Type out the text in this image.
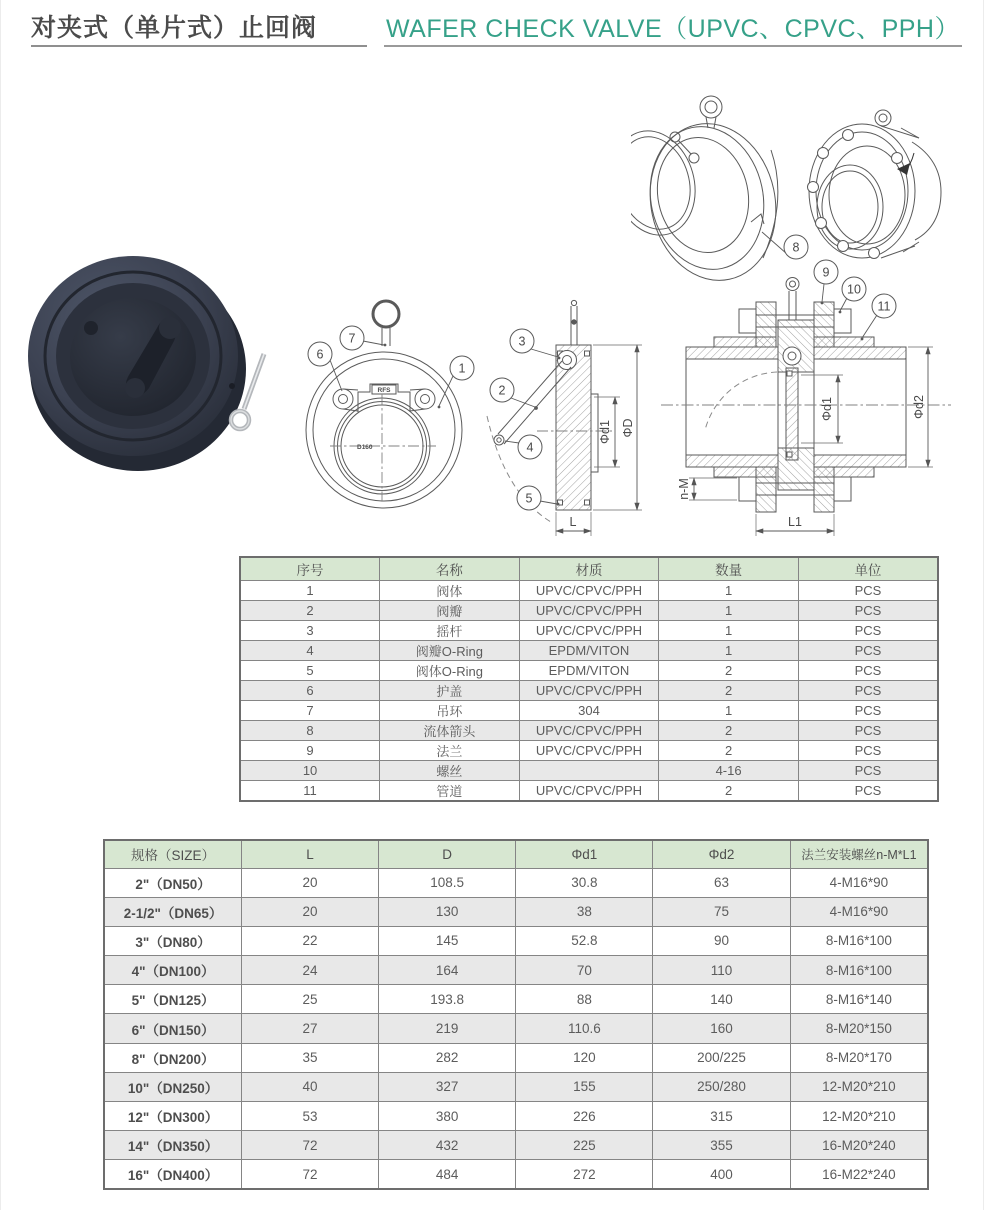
对夹式（单片式）止回阀	WAFER CHECK VALVE（UPVC、CPVC、PPH）
RFS
D160
7
6
1
Φd1 ΦD
L
3
2
4
5
Φd1	Φd2
n-M
L1
8
9
10
11
序号	名称	材质	数量	单位
1	阀体	UPVC/CPVC/PPH	1	PCS
2	阀瓣	UPVC/CPVC/PPH	1	PCS
3	摇杆	UPVC/CPVC/PPH	1	PCS
4	阀瓣O-Ring	EPDM/VITON	1	PCS
5	阀体O-Ring	EPDM/VITON	2	PCS
6	护盖	UPVC/CPVC/PPH	2	PCS
7	吊环	304	1	PCS
8	流体箭头	UPVC/CPVC/PPH	2	PCS
9	法兰	UPVC/CPVC/PPH	2	PCS
10	螺丝		4-16	PCS
11	管道	UPVC/CPVC/PPH	2	PCS
规格（SIZE）	L	D	Φd1	Φd2	法兰安装螺丝n-M*L1
2"（DN50）	20	108.5	30.8	63	4-M16*90
2-1/2"（DN65）	20	130	38	75	4-M16*90
3"（DN80）	22	145	52.8	90	8-M16*100
4"（DN100）	24	164	70	110	8-M16*100
5"（DN125）	25	193.8	88	140	8-M16*140
6"（DN150）	27	219	110.6	160	8-M20*150
8"（DN200）	35	282	120	200/225	8-M20*170
10"（DN250）	40	327	155	250/280	12-M20*210
12"（DN300）	53	380	226	315	12-M20*210
14"（DN350）	72	432	225	355	16-M20*240
16"（DN400）	72	484	272	400	16-M22*240
